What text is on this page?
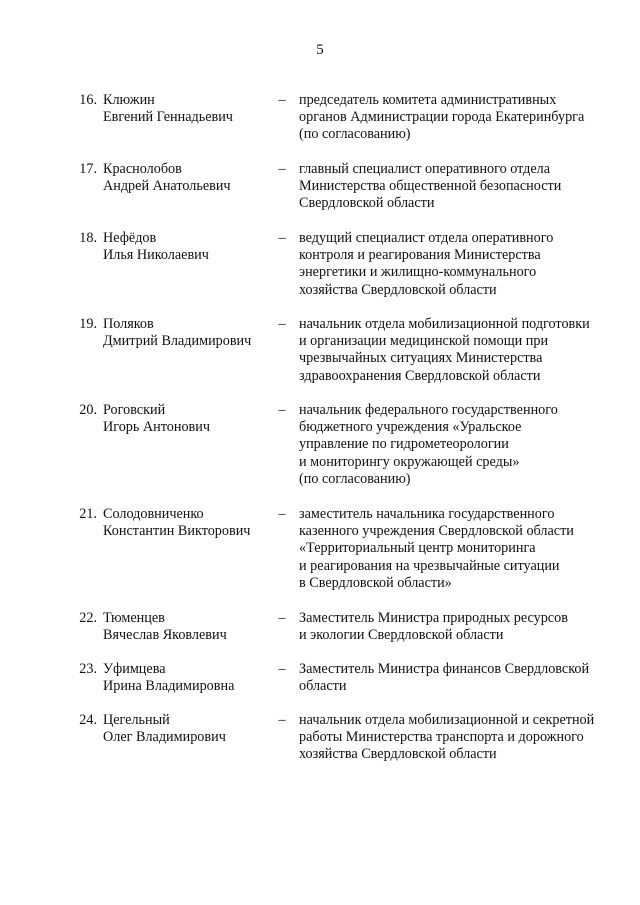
5
16. Клюжин
Евгений Геннадьевич
– председатель комитета административных
органов Администрации города Екатеринбурга
(по согласованию)
17. Краснолобов
Андрей Анатольевич
– главный специалист оперативного отдела
Министерства общественной безопасности
Свердловской области
18. Нефёдов
Илья Николаевич
– ведущий специалист отдела оперативного
контроля и реагирования Министерства
энергетики и жилищно-коммунального
хозяйства Свердловской области
19. Поляков
Дмитрий Владимирович
– начальник отдела мобилизационной подготовки
и организации медицинской помощи при
чрезвычайных ситуациях Министерства
здравоохранения Свердловской области
20. Роговский
Игорь Антонович
– начальник федерального государственного
бюджетного учреждения «Уральское
управление по гидрометеорологии
и мониторингу окружающей среды»
(по согласованию)
21. Солодовниченко
Константин Викторович
– заместитель начальника государственного
казенного учреждения Свердловской области
«Территориальный центр мониторинга
и реагирования на чрезвычайные ситуации
в Свердловской области»
22. Тюменцев
Вячеслав Яковлевич
– Заместитель Министра природных ресурсов
и экологии Свердловской области
23. Уфимцева
Ирина Владимировна
– Заместитель Министра финансов Свердловской
области
24. Цегельный
Олег Владимирович
– начальник отдела мобилизационной и секретной
работы Министерства транспорта и дорожного
хозяйства Свердловской области
